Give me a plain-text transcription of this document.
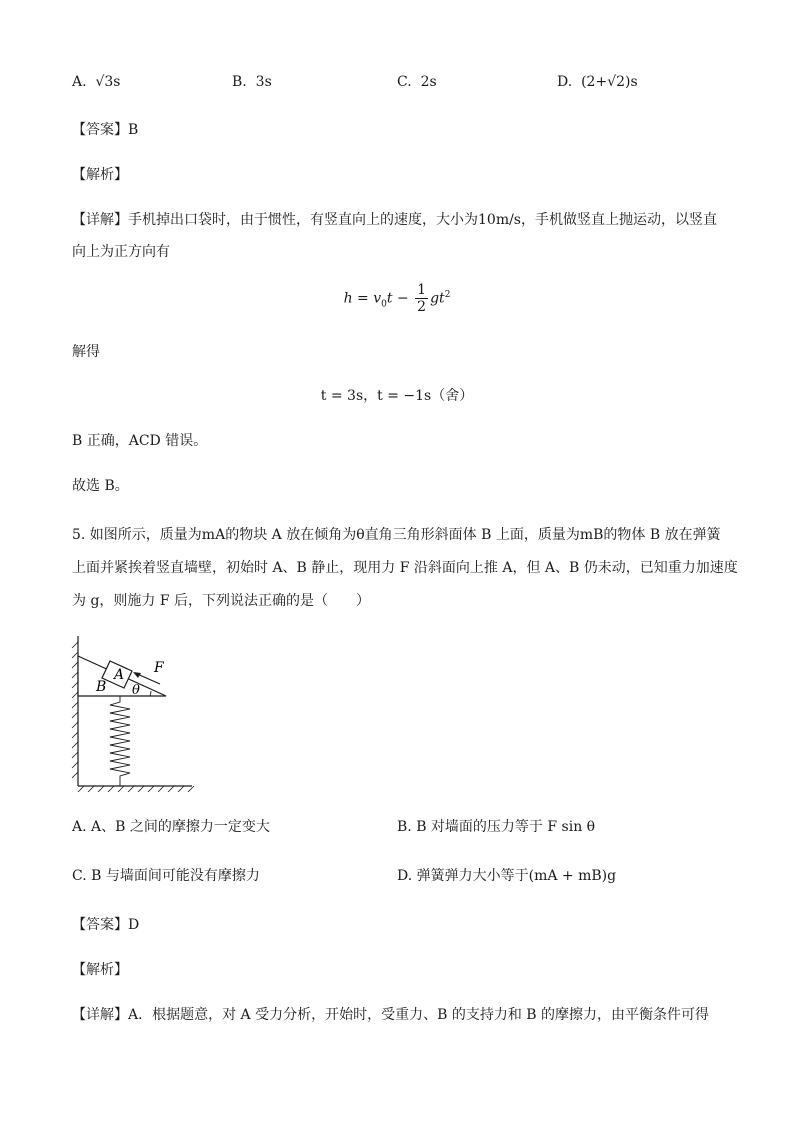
A. √3s	B. 3s	C. 2s	D. (2+√2)s
【答案】B
【解析】
【详解】手机掉出口袋时，由于惯性，有竖直向上的速度，大小为10m/s，手机做竖直上抛运动，以竖直
向上为正方向有
$h = v_0t - \frac{1}{2} gt^2$
解得
t = 3s，t = −1s（舍）
B 正确，ACD 错误。
故选 B。
5. 如图所示，质量为mA的物块 A 放在倾角为θ直角三角形斜面体 B 上面，质量为mB的物体 B 放在弹簧
上面并紧挨着竖直墙壁，初始时 A、B 静止，现用力 F 沿斜面向上推 A，但 A、B 仍未动，已知重力加速度
为 g，则施力 F 后，下列说法正确的是（　　）
A F
B θ
A. A、B 之间的摩擦力一定变大	B. B 对墙面的压力等于 F sin θ
C. B 与墙面间可能没有摩擦力	D. 弹簧弹力大小等于(mA + mB)g
【答案】D
【解析】
【详解】A．根据题意，对 A 受力分析，开始时，受重力、B 的支持力和 B 的摩擦力，由平衡条件可得
